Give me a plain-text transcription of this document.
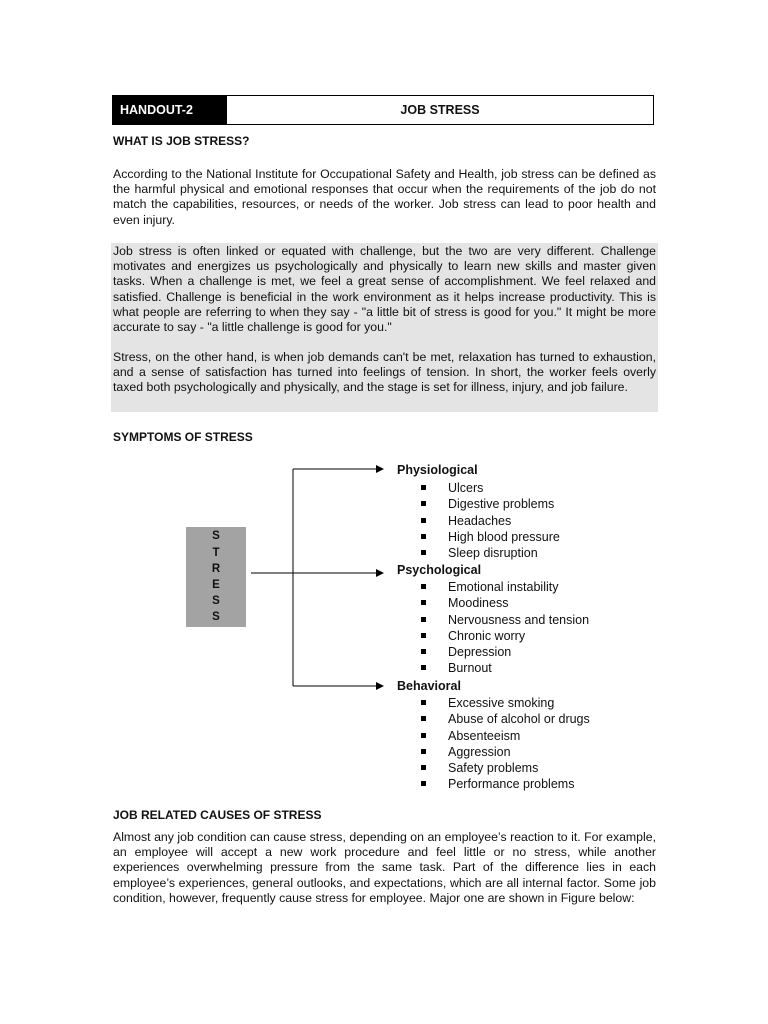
HANDOUT-2	JOB STRESS
WHAT IS JOB STRESS?
According to the National Institute for Occupational Safety and Health, job stress can be defined as the harmful physical and emotional responses that occur when the requirements of the job do not match the capabilities, resources, or needs of the worker. Job stress can lead to poor health and even injury.
Job stress is often linked or equated with challenge, but the two are very different. Challenge motivates and energizes us psychologically and physically to learn new skills and master given tasks. When a challenge is met, we feel a great sense of accomplishment. We feel relaxed and satisfied. Challenge is beneficial in the work environment as it helps increase productivity. This is what people are referring to when they say - "a little bit of stress is good for you." It might be more accurate to say - "a little challenge is good for you."
Stress, on the other hand, is when job demands can't be met, relaxation has turned to exhaustion, and a sense of satisfaction has turned into feelings of tension. In short, the worker feels overly taxed both psychologically and physically, and the stage is set for illness, injury, and job failure.
SYMPTOMS OF STRESS
S
T
R
E
S
S
Physiological
Ulcers
Digestive problems
Headaches
High blood pressure
Sleep disruption
Psychological
Emotional instability
Moodiness
Nervousness and tension
Chronic worry
Depression
Burnout
Behavioral
Excessive smoking
Abuse of alcohol or drugs
Absenteeism
Aggression
Safety problems
Performance problems
JOB RELATED CAUSES OF STRESS
Almost any job condition can cause stress, depending on an employee’s reaction to it. For example, an employee will accept a new work procedure and feel little or no stress, while another experiences overwhelming pressure from the same task. Part of the difference lies in each employee’s experiences, general outlooks, and expectations, which are all internal factor. Some job condition, however, frequently cause stress for employee. Major one are shown in Figure below:
